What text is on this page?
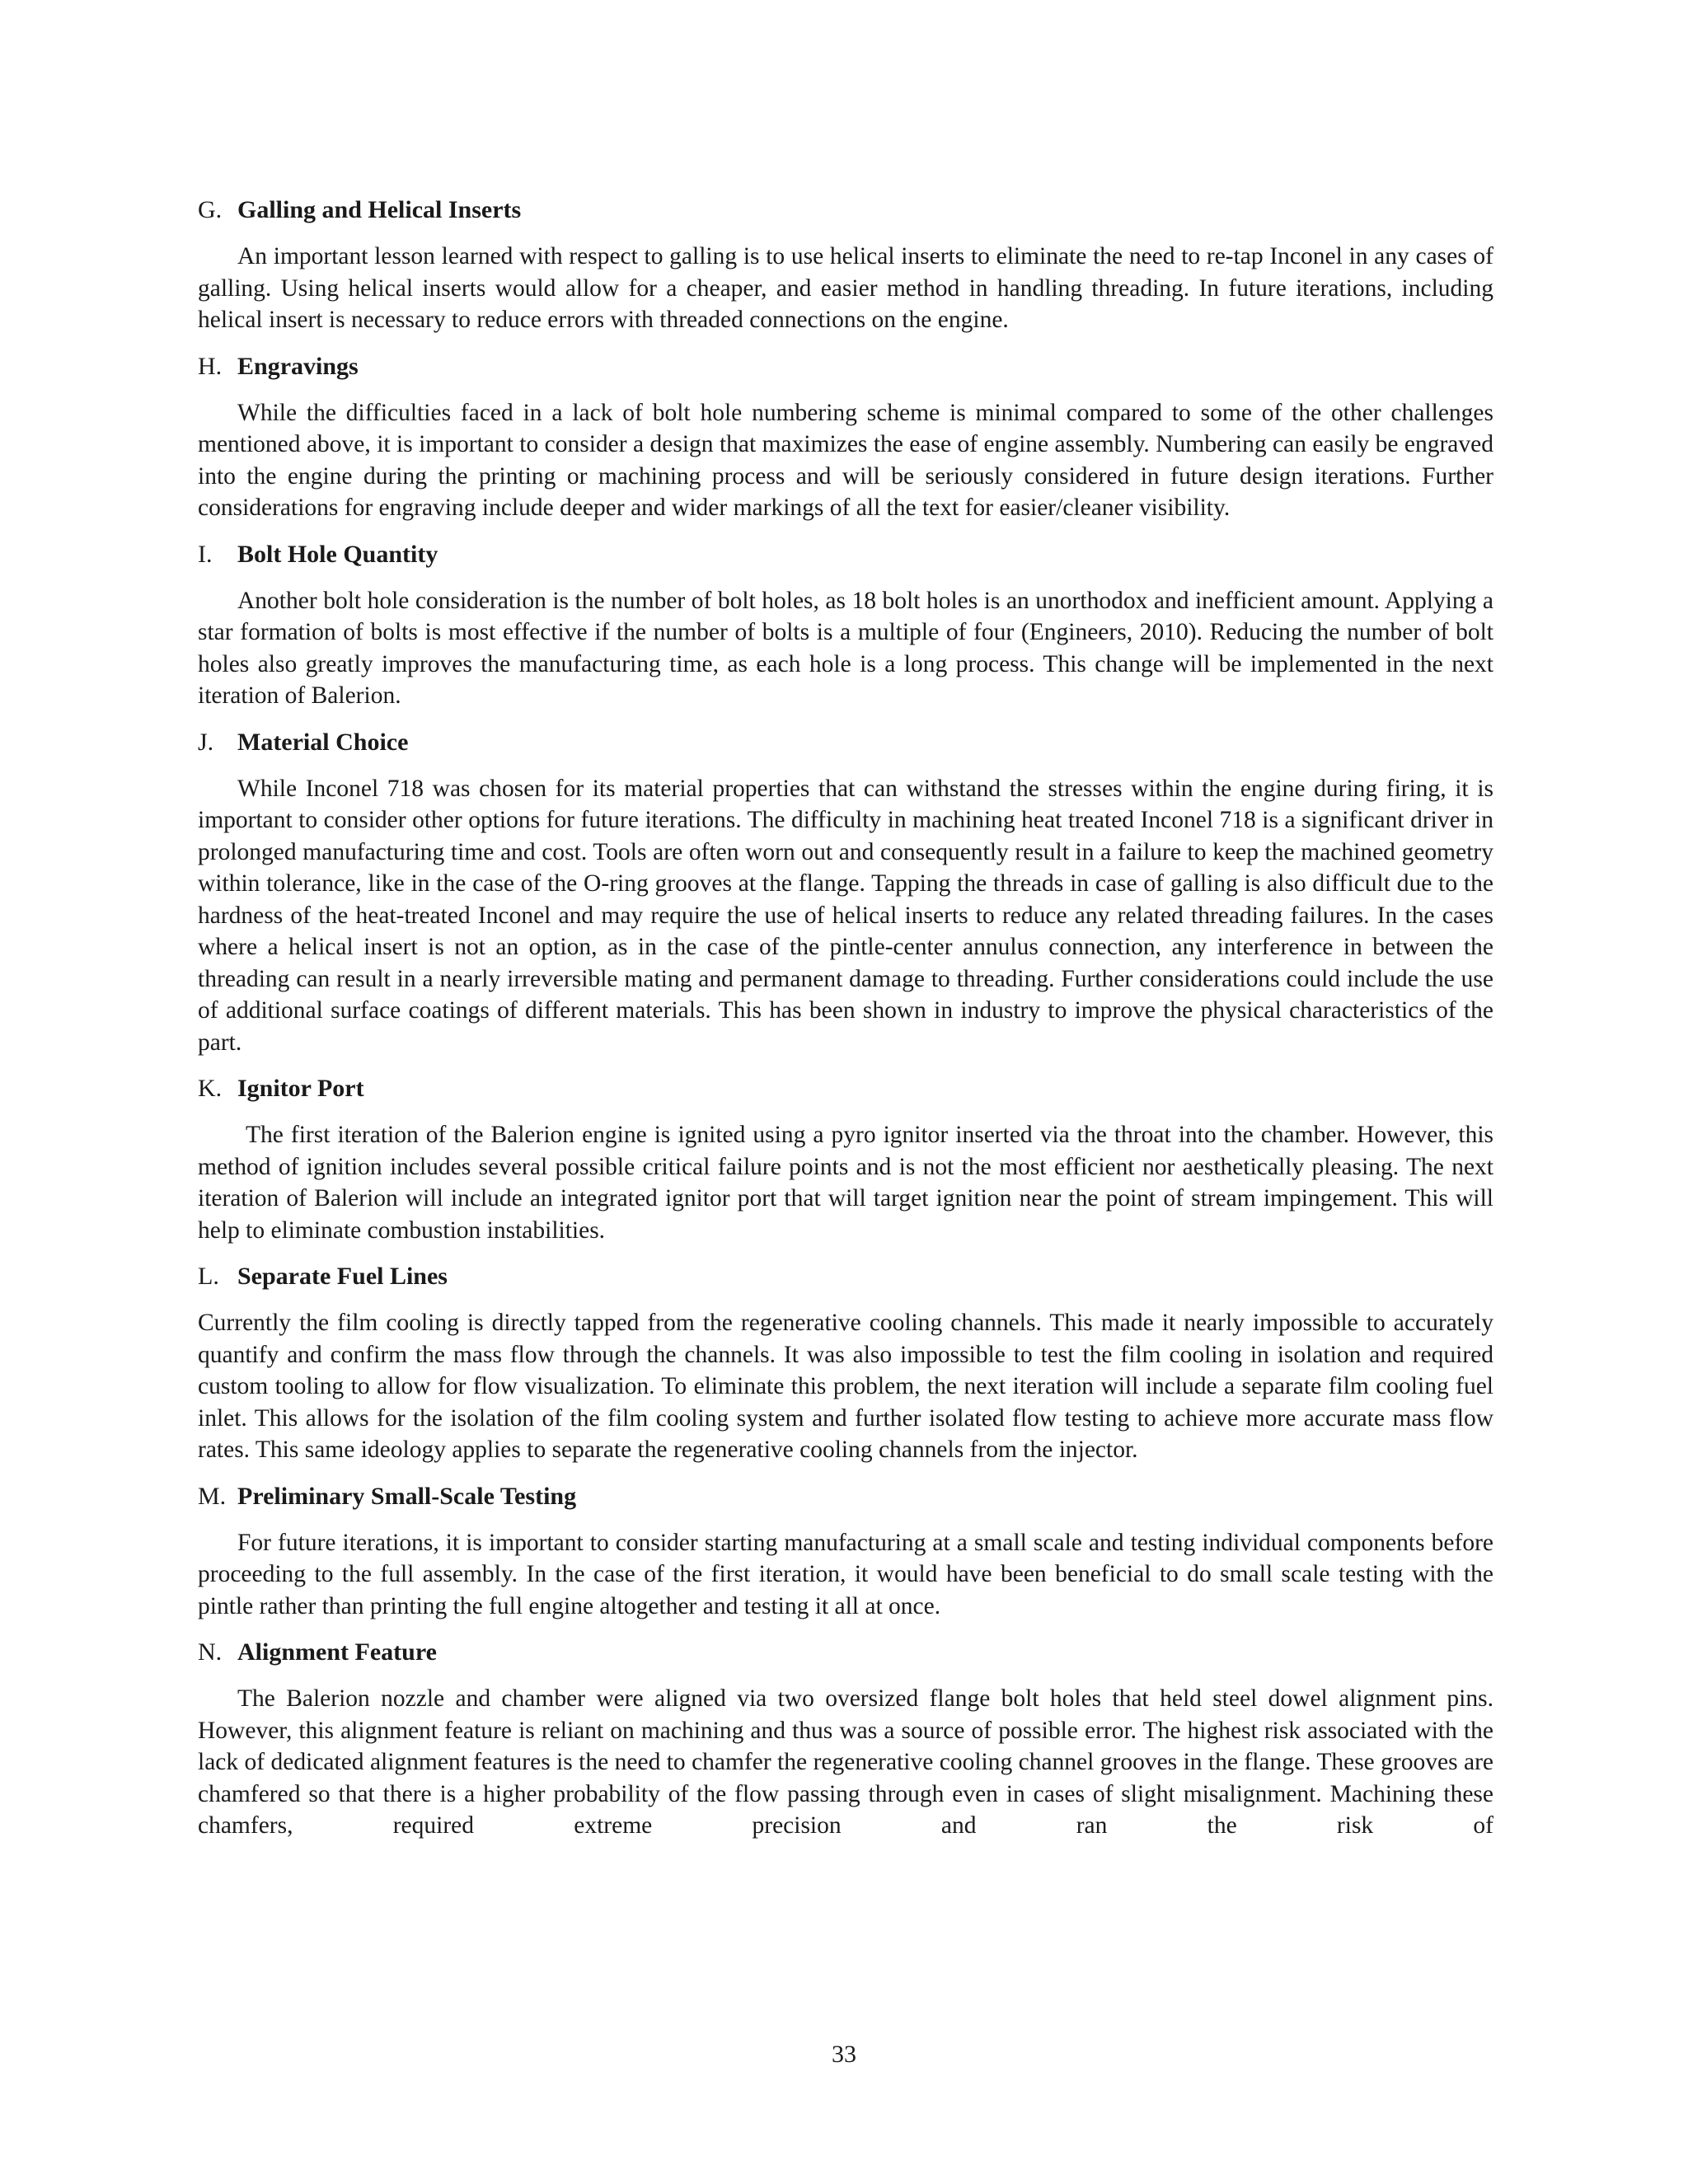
G. Galling and Helical Inserts

An important lesson learned with respect to galling is to use helical inserts to eliminate the need to re-tap Inconel in any cases of galling. Using helical inserts would allow for a cheaper, and easier method in handling threading. In future iterations, including helical insert is necessary to reduce errors with threaded connections on the engine.

H. Engravings

While the difficulties faced in a lack of bolt hole numbering scheme is minimal compared to some of the other challenges mentioned above, it is important to consider a design that maximizes the ease of engine assembly. Numbering can easily be engraved into the engine during the printing or machining process and will be seriously considered in future design iterations. Further considerations for engraving include deeper and wider markings of all the text for easier/cleaner visibility.

I.	Bolt Hole Quantity

Another bolt hole consideration is the number of bolt holes, as 18 bolt holes is an unorthodox and inefficient amount. Applying a star formation of bolts is most effective if the number of bolts is a multiple of four (Engineers, 2010). Reducing the number of bolt holes also greatly improves the manufacturing time, as each hole is a long process. This change will be implemented in the next iteration of Balerion.

J. Material Choice

While Inconel 718 was chosen for its material properties that can withstand the stresses within the engine during firing, it is important to consider other options for future iterations. The difficulty in machining heat treated Inconel 718 is a significant driver in prolonged manufacturing time and cost. Tools are often worn out and consequently result in a failure to keep the machined geometry within tolerance, like in the case of the O-ring grooves at the flange. Tapping the threads in case of galling is also difficult due to the hardness of the heat-treated Inconel and may require the use of helical inserts to reduce any related threading failures. In the cases where a helical insert is not an option, as in the case of the pintle-center annulus connection, any interference in between the threading can result in a nearly irreversible mating and permanent damage to threading. Further considerations could include the use of additional surface coatings of different materials. This has been shown in industry to improve the physical characteristics of the part.

K. Ignitor Port

The first iteration of the Balerion engine is ignited using a pyro ignitor inserted via the throat into the chamber. However, this method of ignition includes several possible critical failure points and is not the most efficient nor aesthetically pleasing. The next iteration of Balerion will include an integrated ignitor port that will target ignition near the point of stream impingement. This will help to eliminate combustion instabilities.

L. Separate Fuel Lines

Currently the film cooling is directly tapped from the regenerative cooling channels. This made it nearly impossible to accurately quantify and confirm the mass flow through the channels. It was also impossible to test the film cooling in isolation and required custom tooling to allow for flow visualization. To eliminate this problem, the next iteration will include a separate film cooling fuel inlet. This allows for the isolation of the film cooling system and further isolated flow testing to achieve more accurate mass flow rates. This same ideology applies to separate the regenerative cooling channels from the injector.

M. Preliminary Small-Scale Testing

For future iterations, it is important to consider starting manufacturing at a small scale and testing individual components before proceeding to the full assembly. In the case of the first iteration, it would have been beneficial to do small scale testing with the pintle rather than printing the full engine altogether and testing it all at once.

N. Alignment Feature

The Balerion nozzle and chamber were aligned via two oversized flange bolt holes that held steel dowel alignment pins. However, this alignment feature is reliant on machining and thus was a source of possible error. The highest risk associated with the lack of dedicated alignment features is the need to chamfer the regenerative cooling channel grooves in the flange. These grooves are chamfered so that there is a higher probability of the flow passing through even in cases of slight misalignment. Machining these chamfers, required extreme precision and ran the risk of

33
